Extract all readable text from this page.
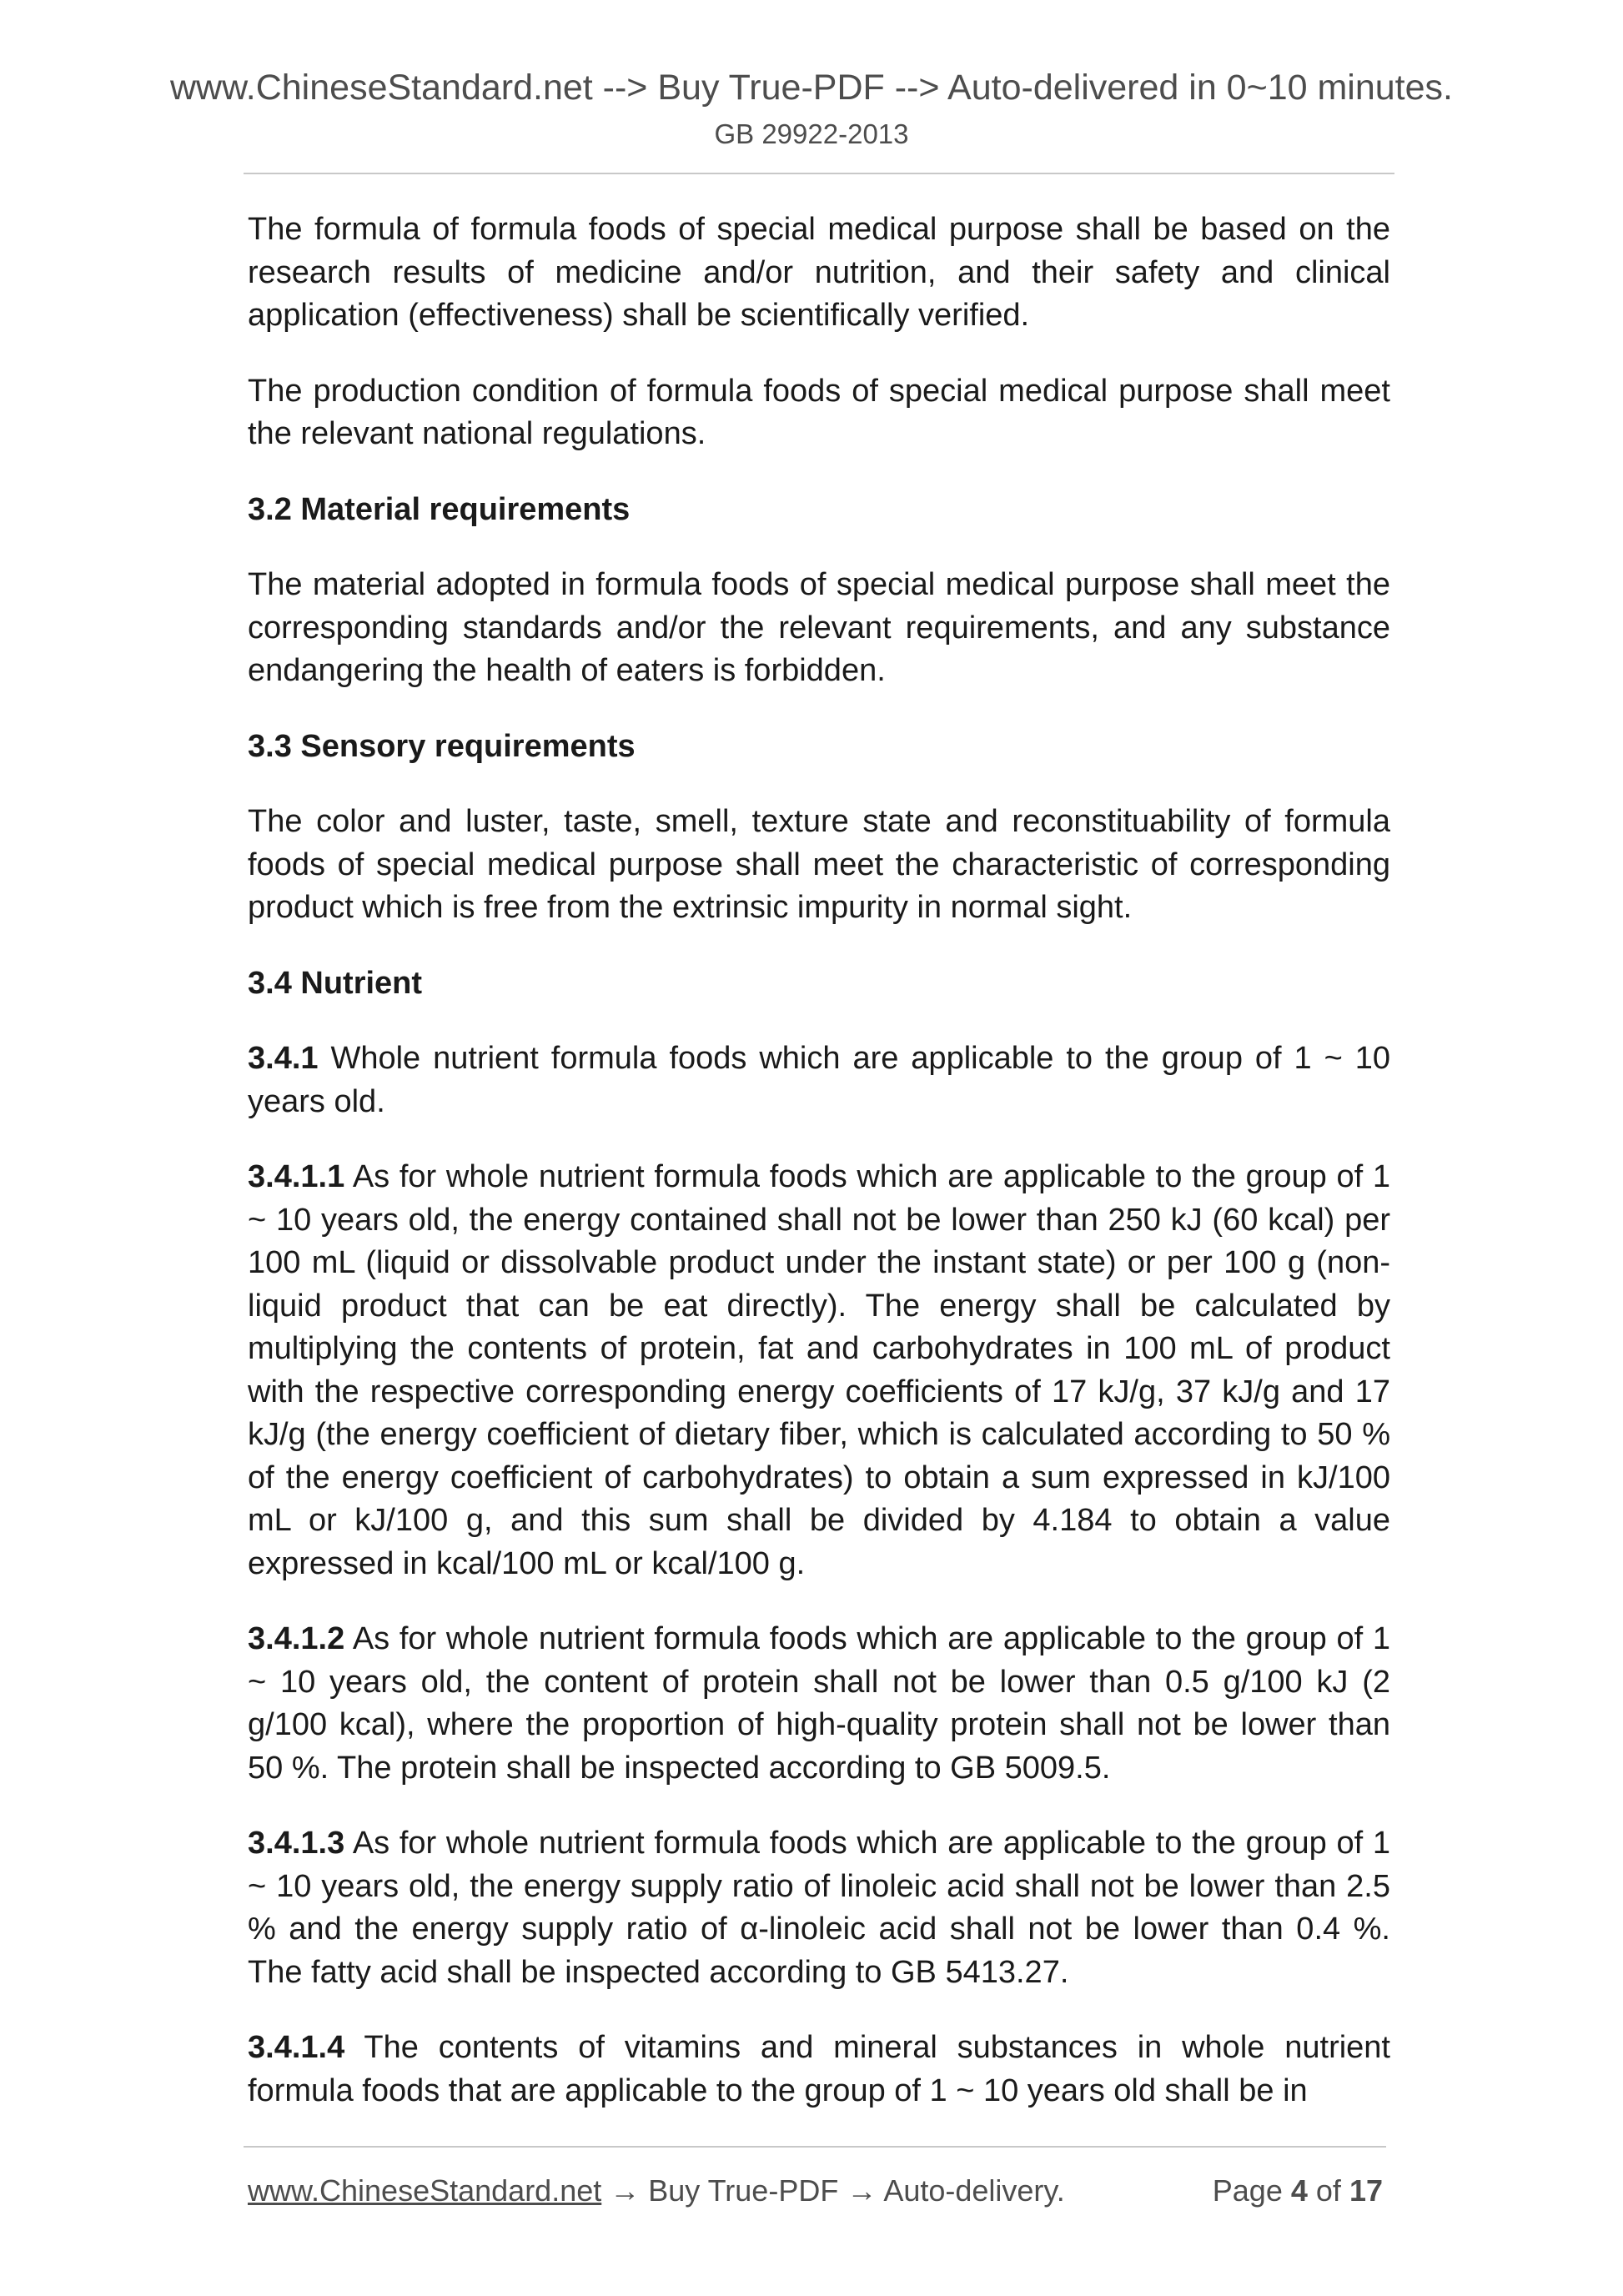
www.ChineseStandard.net --> Buy True-PDF --> Auto-delivered in 0~10 minutes.
GB 29922-2013

The formula of formula foods of special medical purpose shall be based on the research results of medicine and/or nutrition, and their safety and clinical application (effectiveness) shall be scientifically verified.

The production condition of formula foods of special medical purpose shall meet the relevant national regulations.

3.2 Material requirements

The material adopted in formula foods of special medical purpose shall meet the corresponding standards and/or the relevant requirements, and any substance endangering the health of eaters is forbidden.

3.3 Sensory requirements

The color and luster, taste, smell, texture state and reconstituability of formula foods of special medical purpose shall meet the characteristic of corresponding product which is free from the extrinsic impurity in normal sight.

3.4 Nutrient

3.4.1 Whole nutrient formula foods which are applicable to the group of 1 ~ 10 years old.

3.4.1.1 As for whole nutrient formula foods which are applicable to the group of 1 ~ 10 years old, the energy contained shall not be lower than 250 kJ (60 kcal) per 100 mL (liquid or dissolvable product under the instant state) or per 100 g (non-liquid product that can be eat directly). The energy shall be calculated by multiplying the contents of protein, fat and carbohydrates in 100 mL of product with the respective corresponding energy coefficients of 17 kJ/g, 37 kJ/g and 17 kJ/g (the energy coefficient of dietary fiber, which is calculated according to 50 % of the energy coefficient of carbohydrates) to obtain a sum expressed in kJ/100 mL or kJ/100 g, and this sum shall be divided by 4.184 to obtain a value expressed in kcal/100 mL or kcal/100 g.

3.4.1.2 As for whole nutrient formula foods which are applicable to the group of 1 ~ 10 years old, the content of protein shall not be lower than 0.5 g/100 kJ (2 g/100 kcal), where the proportion of high-quality protein shall not be lower than 50 %. The protein shall be inspected according to GB 5009.5.

3.4.1.3 As for whole nutrient formula foods which are applicable to the group of 1 ~ 10 years old, the energy supply ratio of linoleic acid shall not be lower than 2.5 % and the energy supply ratio of α-linoleic acid shall not be lower than 0.4 %. The fatty acid shall be inspected according to GB 5413.27.

3.4.1.4 The contents of vitamins and mineral substances in whole nutrient formula foods that are applicable to the group of 1 ~ 10 years old shall be in

www.ChineseStandard.net → Buy True-PDF → Auto-delivery.	Page 4 of 17
